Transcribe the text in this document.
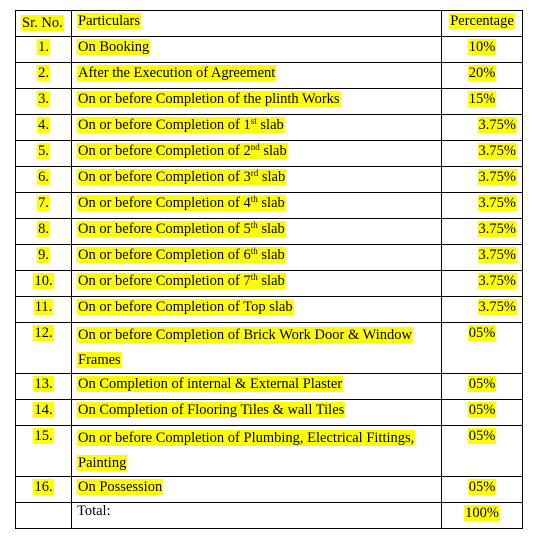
Sr. No.	Particulars	Percentage
1.	On Booking	10%
2.	After the Execution of Agreement	20%
3.	On or before Completion of the plinth Works	15%
4.	On or before Completion of 1st slab	3.75%
5.	On or before Completion of 2nd slab	3.75%
6.	On or before Completion of 3rd slab	3.75%
7.	On or before Completion of 4th slab	3.75%
8.	On or before Completion of 5th slab	3.75%
9.	On or before Completion of 6th slab	3.75%
10.	On or before Completion of 7th slab	3.75%
11.	On or before Completion of Top slab	3.75%
12.	On or before Completion of Brick Work Door & Window
Frames	05%
13.	On Completion of internal & External Plaster	05%
14.	On Completion of Flooring Tiles & wall Tiles	05%
15.	On or before Completion of Plumbing, Electrical Fittings,
Painting	05%
16.	On Possession	05%
	Total:	100%
